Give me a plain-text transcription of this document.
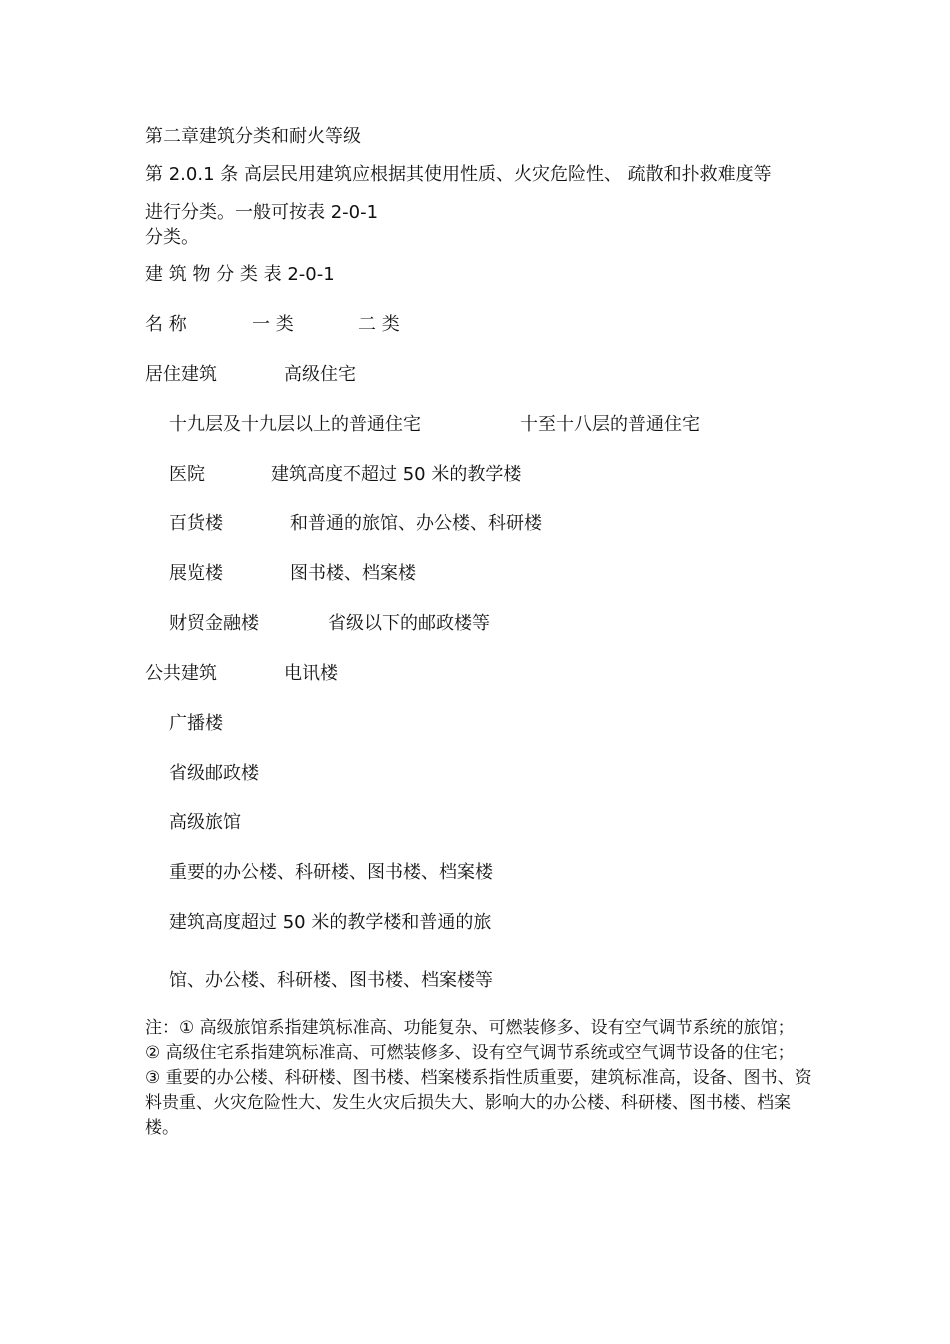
第二章建筑分类和耐火等级
第 2.0.1 条 高层民用建筑应根据其使用性质、火灾危险性、 疏散和扑救难度等
进行分类。一般可按表 2-0-1
分类。
建 筑 物 分 类 表 2-0-1
名 称	一 类	二 类
居住建筑	高级住宅
十九层及十九层以上的普通住宅	十至十八层的普通住宅
医院	建筑高度不超过 50 米的教学楼
百货楼	和普通的旅馆、办公楼、科研楼
展览楼	图书楼、档案楼
财贸金融楼	省级以下的邮政楼等
公共建筑	电讯楼
广播楼
省级邮政楼
高级旅馆
重要的办公楼、科研楼、图书楼、档案楼
建筑高度超过 50 米的教学楼和普通的旅
馆、办公楼、科研楼、图书楼、档案楼等

注：① 高级旅馆系指建筑标准高、功能复杂、可燃装修多、设有空气调节系统的旅馆；

② 高级住宅系指建筑标准高、可燃装修多、设有空气调节系统或空气调节设备的住宅；

③ 重要的办公楼、科研楼、图书楼、档案楼系指性质重要，建筑标准高，设备、图书、资料贵重、火灾危险性大、发生火灾后损失大、影响大的办公楼、科研楼、图书楼、档案楼。
